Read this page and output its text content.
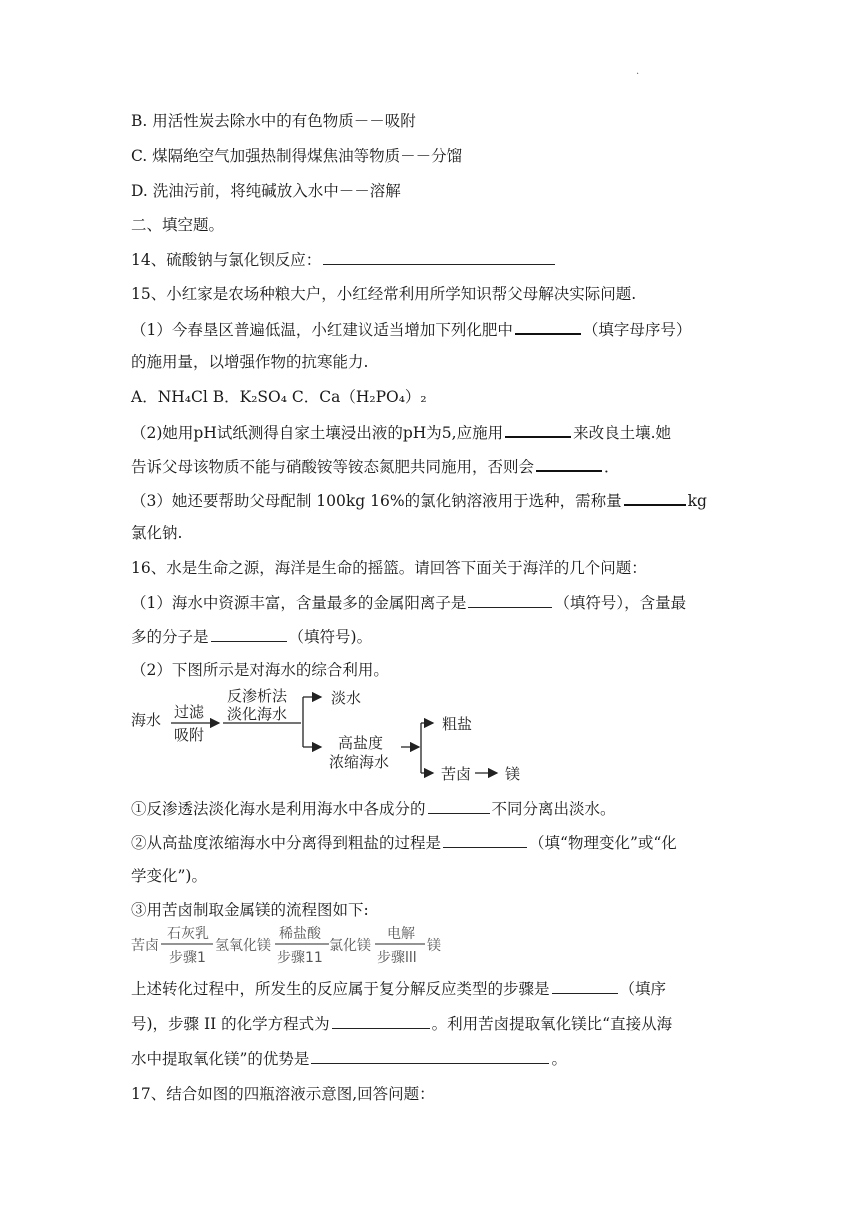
.
B. 用活性炭去除水中的有色物质－－吸附
C. 煤隔绝空气加强热制得煤焦油等物质－－分馏
D. 洗油污前，将纯碱放入水中－－溶解
二、填空题。
14、硫酸钠与氯化钡反应：
15、小红家是农场种粮大户，小红经常利用所学知识帮父母解决实际问题.
（1）今春垦区普遍低温，小红建议适当增加下列化肥中	（填字母序号）
的施用量，以增强作物的抗寒能力.
A．NH₄Cl B．K₂SO₄ C．Ca（H₂PO₄）₂
（2)她用pH试纸测得自家土壤浸出液的pH为5,应施用	来改良土壤.她
告诉父母该物质不能与硝酸铵等铵态氮肥共同施用，否则会	．
（3）她还要帮助父母配制 100kg 16%的氯化钠溶液用于选种，需称量	kg
氯化钠.
16、水是生命之源，海洋是生命的摇篮。请回答下面关于海洋的几个问题：
（1）海水中资源丰富，含量最多的金属阳离子是	（填符号），含量最
多的分子是	（填符号)。
（2）下图所示是对海水的综合利用。
海水 过滤
吸附
反渗析法
淡化海水
淡水
高盐度
浓缩海水
粗盐
苦卤 镁
①反渗透法淡化海水是利用海水中各成分的	不同分离出淡水。
②从高盐度浓缩海水中分离得到粗盐的过程是	（填“物理变化”或“化
学变化”)。
③用苦卤制取金属镁的流程图如下:
苦卤
石灰乳
步骤1
氢氧化镁
稀盐酸
步骤11
氯化镁
电解
步骤lll
镁
上述转化过程中，所发生的反应属于复分解反应类型的步骤是	（填序
号)，步骤 II 的化学方程式为	。利用苦卤提取氧化镁比“直接从海
水中提取氧化镁”的优势是	。
17、结合如图的四瓶溶液示意图,回答问题：
